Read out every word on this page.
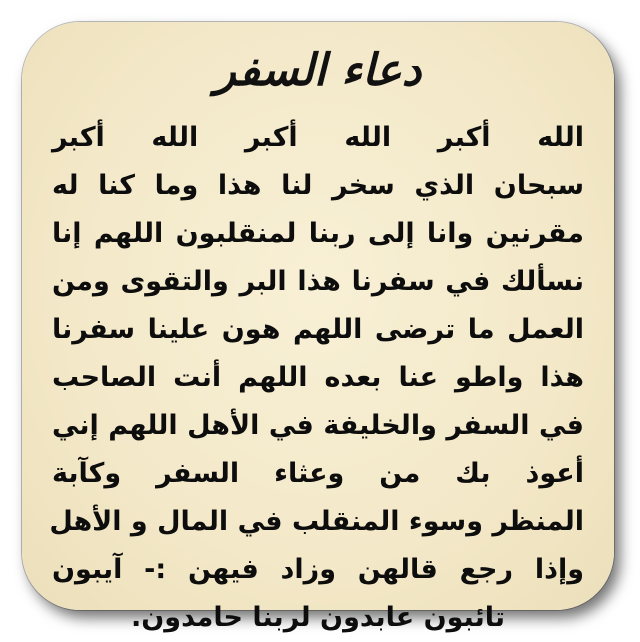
دعاء السفر
الله أكبر الله أكبر الله أكبر
سبحان الذي سخر لنا هذا وما كنا له
مقرنين وانا إلى ربنا لمنقلبون اللهم إنا
نسألك في سفرنا هذا البر والتقوى ومن
العمل ما ترضى اللهم هون علينا سفرنا
هذا واطو عنا بعده اللهم أنت الصاحب
في السفر والخليفة في الأهل اللهم إني
أعوذ بك من وعثاء السفر وكآبة
المنظر وسوء المنقلب في المال و الأهل
وإذا رجع قالهن وزاد فيهن :- آيبون
تائبون عابدون لربنا حامدون.
